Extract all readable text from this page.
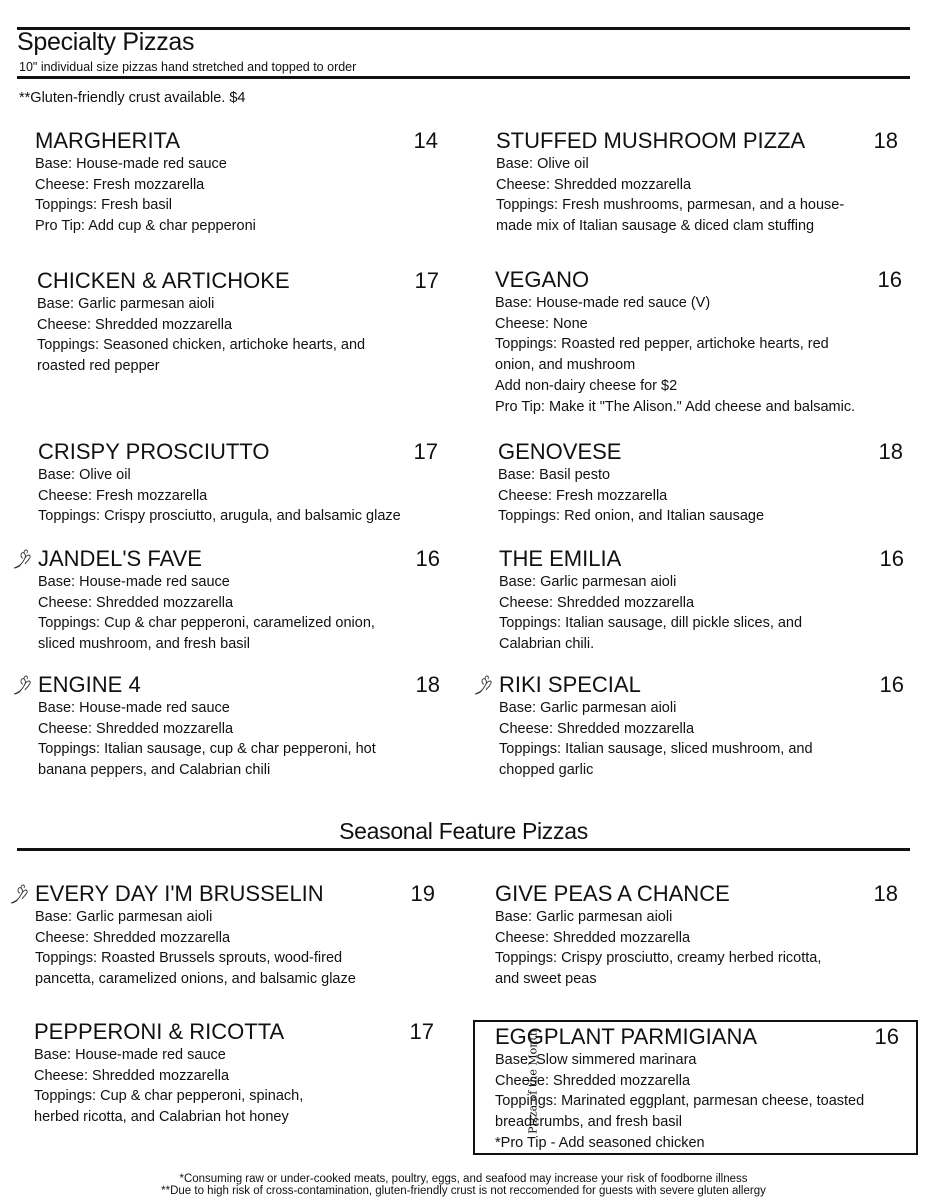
Specialty Pizzas
10" individual size pizzas hand stretched and topped to order
**Gluten-friendly crust available. $4
Seasonal Feature Pizzas
Pizza of the Month
MARGHERITA	14
Base: House-made red sauce
Cheese: Fresh mozzarella
Toppings: Fresh basil
Pro Tip: Add cup & char pepperoni
STUFFED MUSHROOM PIZZA	18
Base: Olive oil
Cheese: Shredded mozzarella
Toppings: Fresh mushrooms, parmesan, and a house-
made mix of Italian sausage & diced clam stuffing
CHICKEN & ARTICHOKE	17
Base: Garlic parmesan aioli
Cheese: Shredded mozzarella
Toppings: Seasoned chicken, artichoke hearts, and
roasted red pepper
VEGANO	16
Base: House-made red sauce (V)
Cheese: None
Toppings: Roasted red pepper, artichoke hearts, red
onion, and mushroom
Add non-dairy cheese for $2
Pro Tip: Make it "The Alison." Add cheese and balsamic.
CRISPY PROSCIUTTO	17
Base: Olive oil
Cheese: Fresh mozzarella
Toppings: Crispy prosciutto, arugula, and balsamic glaze
GENOVESE	18
Base: Basil pesto
Cheese: Fresh mozzarella
Toppings: Red onion, and Italian sausage
JANDEL'S FAVE	16
Base: House-made red sauce
Cheese: Shredded mozzarella
Toppings: Cup & char pepperoni, caramelized onion,
sliced mushroom, and fresh basil
THE EMILIA	16
Base: Garlic parmesan aioli
Cheese: Shredded mozzarella
Toppings: Italian sausage, dill pickle slices, and
Calabrian chili.
ENGINE 4	18
Base: House-made red sauce
Cheese: Shredded mozzarella
Toppings: Italian sausage, cup & char pepperoni, hot
banana peppers, and Calabrian chili
RIKI SPECIAL	16
Base: Garlic parmesan aioli
Cheese: Shredded mozzarella
Toppings: Italian sausage, sliced mushroom, and
chopped garlic
EVERY DAY I'M BRUSSELIN	19
Base: Garlic parmesan aioli
Cheese: Shredded mozzarella
Toppings: Roasted Brussels sprouts, wood-fired
pancetta, caramelized onions, and balsamic glaze
GIVE PEAS A CHANCE	18
Base: Garlic parmesan aioli
Cheese: Shredded mozzarella
Toppings: Crispy prosciutto, creamy herbed ricotta,
and sweet peas
PEPPERONI & RICOTTA	17
Base: House-made red sauce
Cheese: Shredded mozzarella
Toppings: Cup & char pepperoni, spinach,
herbed ricotta, and Calabrian hot honey
EGGPLANT PARMIGIANA	16
Base: Slow simmered marinara
Cheese: Shredded mozzarella
Toppings: Marinated eggplant, parmesan cheese, toasted
breadcrumbs, and fresh basil
*Pro Tip - Add seasoned chicken
*Consuming raw or under-cooked meats, poultry, eggs, and seafood may increase your risk of foodborne illness
**Due to high risk of cross-contamination, gluten-friendly crust is not reccomended for guests with severe gluten allergy
